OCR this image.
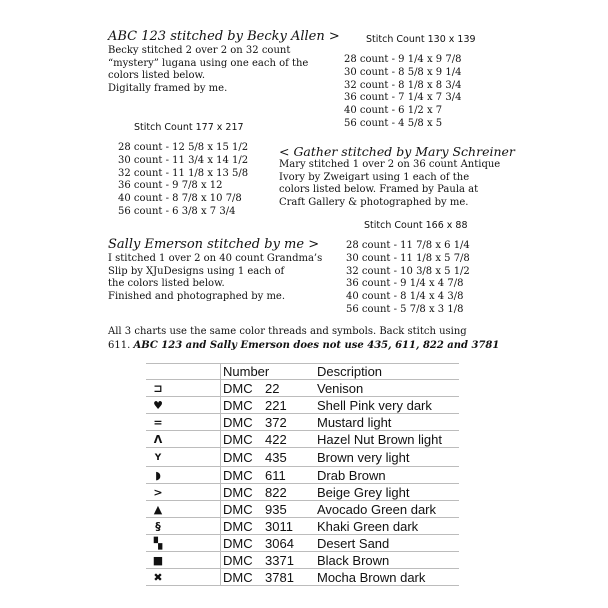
ABC 123 stitched by Becky Allen >
Becky stitched 2 over 2 on 32 count
“mystery” lugana using one each of the
colors listed below.
Digitally framed by me.
Stitch Count 130 x 139
28 count - 9 1/4 x 9 7/8
30 count - 8 5/8 x 9 1/4
32 count - 8 1/8 x 8 3/4
36 count - 7 1/4 x 7 3/4
40 count - 6 1/2 x 7
56 count - 4 5/8 x 5
Stitch Count 177 x 217
28 count - 12 5/8 x 15 1/2
30 count - 11 3/4 x 14 1/2
32 count - 11 1/8 x 13 5/8
36 count - 9 7/8 x 12
40 count - 8 7/8 x 10 7/8
56 count - 6 3/8 x 7 3/4
< Gather stitched by Mary Schreiner
Mary stitched 1 over 2 on 36 count Antique
Ivory by Zweigart using 1 each of the
colors listed below. Framed by Paula at
Craft Gallery & photographed by me.
Stitch Count 166 x 88
28 count - 11 7/8 x 6 1/4
30 count - 11 1/8 x 5 7/8
32 count - 10 3/8 x 5 1/2
36 count - 9 1/4 x 4 7/8
40 count - 8 1/4 x 4 3/8
56 count - 5 7/8 x 3 1/8
Sally Emerson stitched by me >
I stitched 1 over 2 on 40 count Grandma’s
Slip by XJuDesigns using 1 each of
the colors listed below.
Finished and photographed by me.
All 3 charts use the same color threads and symbols. Back stitch using
611. ABC 123 and Sally Emerson does not use 435, 611, 822 and 3781
	Number		Description
⊐	DMC	22	Venison
♥	DMC	221	Shell Pink very dark
=	DMC	372	Mustard light
Λ	DMC	422	Hazel Nut Brown light
Y	DMC	435	Brown very light
◗	DMC	611	Drab Brown
>	DMC	822	Beige Grey light
▲	DMC	935	Avocado Green dark
§	DMC	3011	Khaki Green dark
▚	DMC	3064	Desert Sand
■	DMC	3371	Black Brown
✖	DMC	3781	Mocha Brown dark
